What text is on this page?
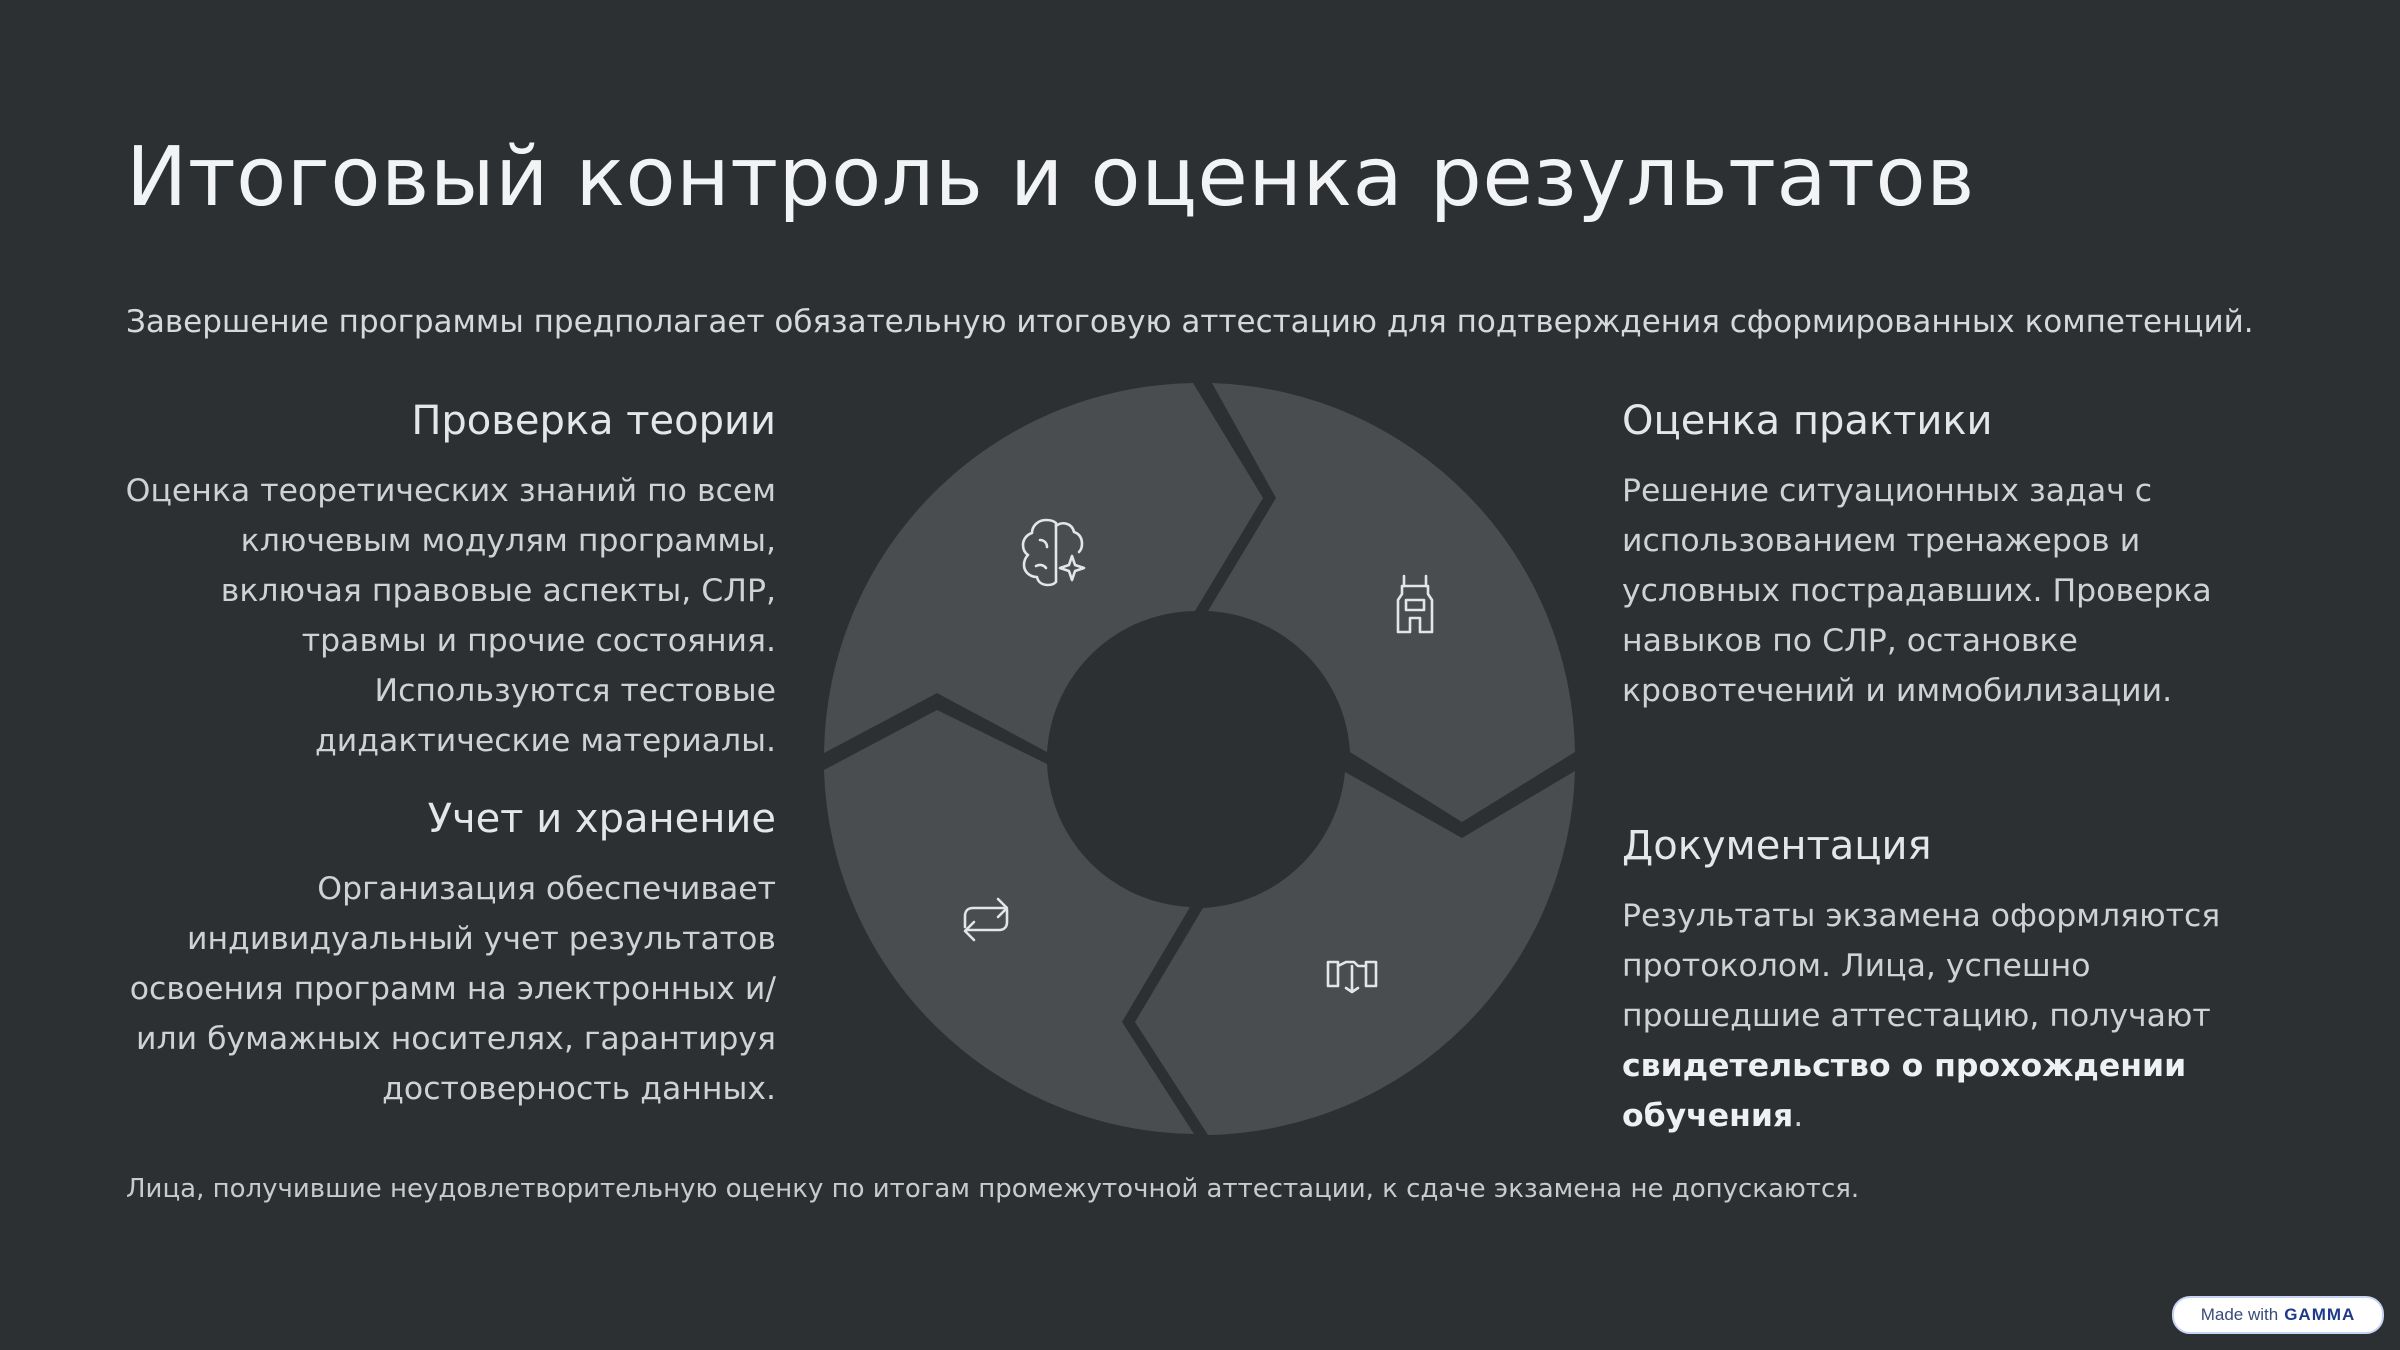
Итоговый контроль и оценка результатов
Завершение программы предполагает обязательную итоговую аттестацию для подтверждения сформированных компетенций.
Проверка теории

Оценка теоретических знаний по всем ключевым модулям программы, включая правовые аспекты, СЛР, травмы и прочие состояния. Используются тестовые дидактические материалы.

Учет и хранение

Организация обеспечивает индивидуальный учет результатов освоения программ на электронных и/или бумажных носителях, гарантируя достоверность данных.

Оценка практики

Решение ситуационных задач с использованием тренажеров и условных пострадавших. Проверка навыков по СЛР, остановке кровотечений и иммобилизации.

Документация

Результаты экзамена оформляются протоколом. Лица, успешно прошедшие аттестацию, получают свидетельство о прохождении обучения.

Лица, получившие неудовлетворительную оценку по итогам промежуточной аттестации, к сдаче экзамена не допускаются.
Made with GAMMA
